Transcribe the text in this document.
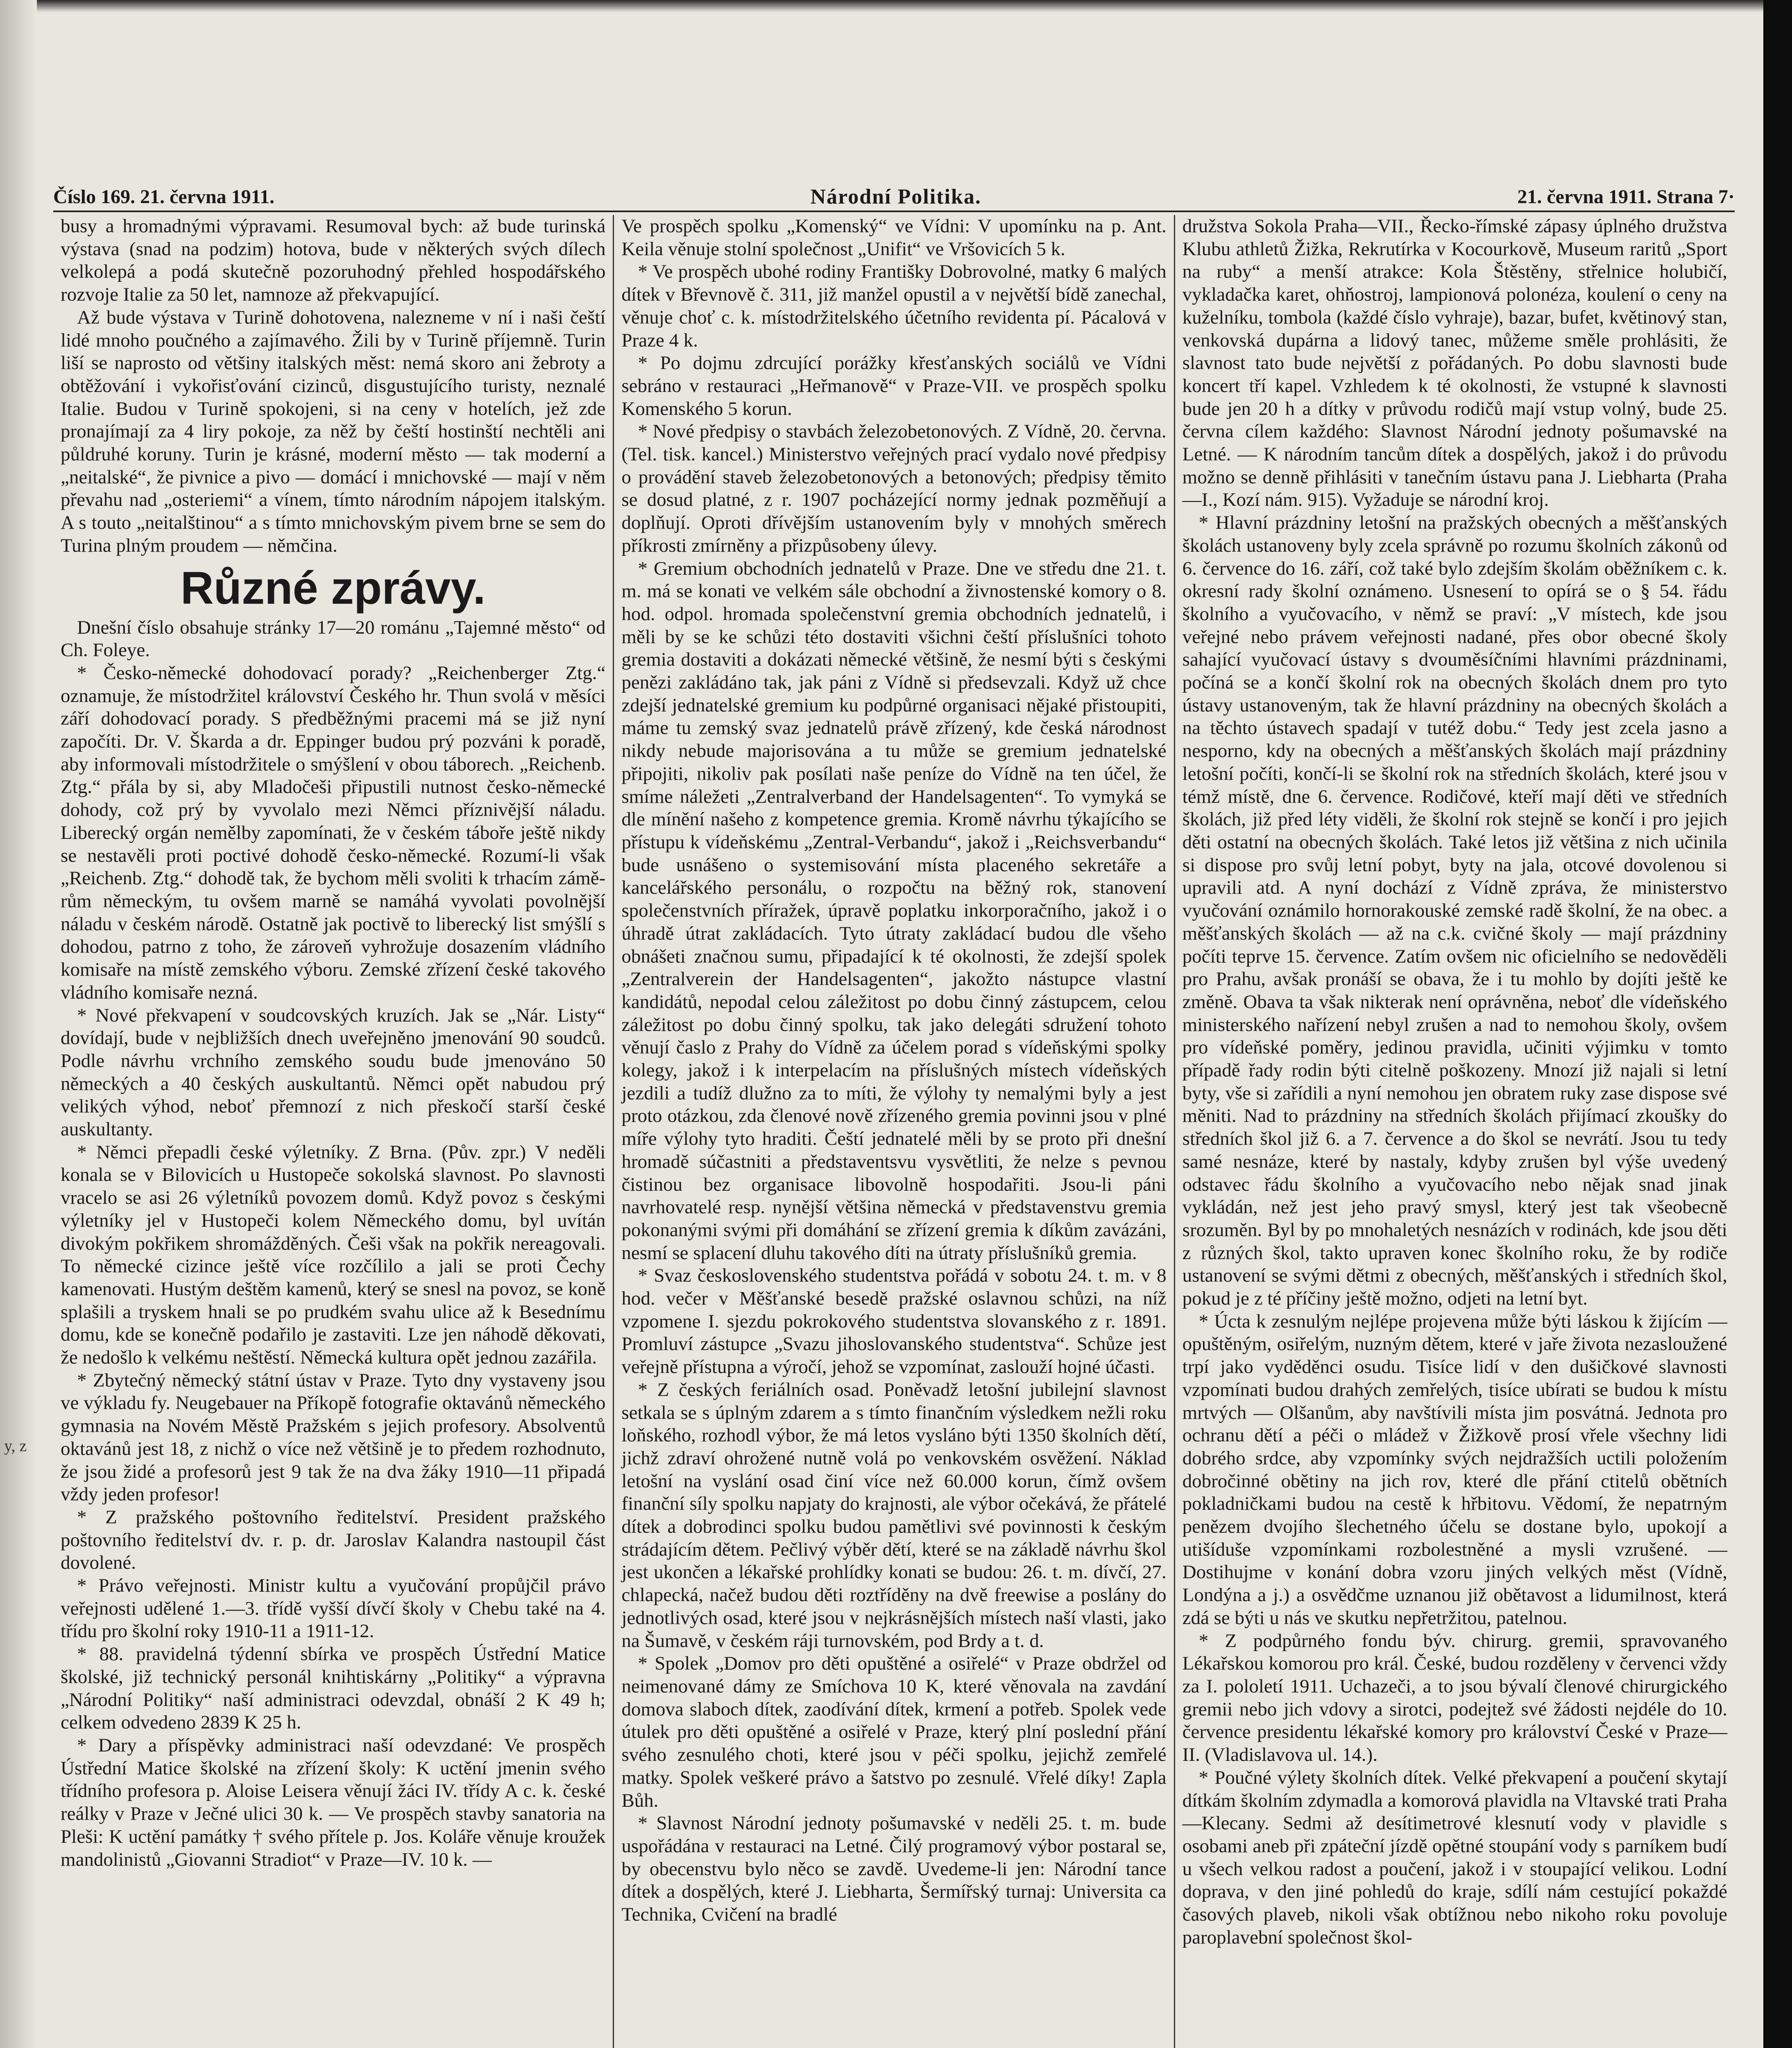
Číslo 169. 21. června 1911.	Národní Politika.	21. června 1911. Strana 7·

busy a hromadnými výpravami. Resumoval bych: až bude turinská výstava (snad na podzim) hotova, bude v některých svých dílech velkolepá a podá skutečně pozoruhodný přehled hospodářského rozvoje Italie za 50 let, namnoze až překvapující.

Až bude výstava v Turině dohotovena, nalezneme v ní i naši čeští lidé mnoho poučného a zajímavého. Žili by v Turině příjemně. Turin liší se naprosto od většiny italských měst: nemá skoro ani žebroty a obtěžování i vykořisťování cizinců, disgustujícího turisty, neznalé Italie. Budou v Turině spokojeni, si na ceny v hotelích, jež zde pronajímají za 4 liry pokoje, za něž by čeští hostinští nechtěli ani půldruhé koruny. Turin je krásné, moderní město — tak moderní a „neitalské“, že pivnice a pivo — domácí i mnichovské — mají v něm převahu nad „osteriemi“ a vínem, tímto národním nápojem italským. A s touto „neitalštinou“ a s tímto mnichovským pivem brne se sem do Turina plným proudem — němčina.

Různé zprávy.

Dnešní číslo obsahuje stránky 17—20 románu „Tajemné město“ od Ch. Foleye.

* Česko-německé dohodovací porady? „Reichenberger Ztg.“ oznamuje, že místodržitel království Českého hr. Thun svolá v měsíci září dohodovací porady. S předběžnými pracemi má se již nyní započíti. Dr. V. Škarda a dr. Eppinger budou prý pozváni k poradě, aby informovali místodržitele o smýšlení v obou táborech. „Reichenb. Ztg.“ přála by si, aby Mladočeši připustili nutnost česko-německé dohody, což prý by vyvolalo mezi Němci příznivější náladu. Liberecký orgán nemělby zapomínati, že v českém táboře ještě nikdy se nestavěli proti poctivé dohodě česko-německé. Rozumí-li však „Reichenb. Ztg.“ dohodě tak, že bychom měli svoliti k trhacím záměrům německým, tu ovšem marně se namáhá vyvolati povolnější náladu v českém národě. Ostatně jak poctivě to liberecký list smýšlí s dohodou, patrno z toho, že zároveň vyhrožuje dosazením vládního komisaře na místě zemského výboru. Zemské zřízení české takového vládního komisaře nezná.

* Nové překvapení v soudcovských kruzích. Jak se „Nár. Listy“ dovídají, bude v nejbližších dnech uveřejněno jmenování 90 soudců. Podle návrhu vrchního zemského soudu bude jmenováno 50 německých a 40 českých auskultantů. Němci opět nabudou prý velikých výhod, neboť přemnozí z nich přeskočí starší české auskultanty.

* Němci přepadli české výletníky. Z Brna. (Pův. zpr.) V neděli konala se v Bilovicích u Hustopeče sokolská slavnost. Po slavnosti vracelo se asi 26 výletníků povozem domů. Když povoz s českými výletníky jel v Hustopeči kolem Německého domu, byl uvítán divokým pokřikem shromážděných. Češi však na pokřik nereagovali. To německé cizince ještě více rozčílilo a jali se proti Čechy kamenovati. Hustým deštěm kamenů, který se snesl na povoz, se koně splašili a tryskem hnali se po prudkém svahu ulice až k Besednímu domu, kde se konečně podařilo je zastaviti. Lze jen náhodě děkovati, že nedošlo k velkému neštěstí. Německá kultura opět jednou zazářila.

* Zbytečný německý státní ústav v Praze. Tyto dny vystaveny jsou ve výkladu fy. Neugebauer na Příkopě fotografie oktavánů německého gymnasia na Novém Městě Pražském s jejich profesory. Absolventů oktavánů jest 18, z nichž o více než většině je to předem rozhodnuto, že jsou židé a profesorů jest 9 tak že na dva žáky 1910—11 připadá vždy jeden profesor!

* Z pražského poštovního ředitelství. President pražského poštovního ředitelství dv. r. p. dr. Jaroslav Kalandra nastoupil část dovolené.

* Právo veřejnosti. Ministr kultu a vyučování propůjčil právo veřejnosti udělené 1.—3. třídě vyšší dívčí školy v Chebu také na 4. třídu pro školní roky 1910-11 a 1911-12.

* 88. pravidelná týdenní sbírka ve prospěch Ústřední Matice školské, již technický personál knihtiskárny „Politiky“ a výpravna „Národní Politiky“ naší administraci odevzdal, obnáší 2 K 49 h; celkem odvedeno 2839 K 25 h.

* Dary a příspěvky administraci naší odevzdané: Ve prospěch Ústřední Matice školské na zřízení školy: K uctění jmenin svého třídního profesora p. Aloise Leisera věnují žáci IV. třídy A c. k. české reálky v Praze v Ječné ulici 30 k. — Ve prospěch stavby sanatoria na Pleši: K uctění památky † svého přítele p. Jos. Koláře věnuje kroužek mandolinistů „Giovanni Stradiot“ v Praze—IV. 10 k. —

Ve prospěch spolku „Komenský“ ve Vídni: V upomínku na p. Ant. Keila věnuje stolní společnost „Unifit“ ve Vršovicích 5 k.

* Ve prospěch ubohé rodiny Františky Dobrovolné, matky 6 malých dítek v Břevnově č. 311, již manžel opustil a v největší bídě zanechal, věnuje choť c. k. místodržitelského účetního revidenta pí. Pácalová v Praze 4 k.

* Po dojmu zdrcující porážky křesťanských sociálů ve Vídni sebráno v restauraci „Heřmanově“ v Praze-VII. ve prospěch spolku Komenského 5 korun.

* Nové předpisy o stavbách železobetonových. Z Vídně, 20. června. (Tel. tisk. kancel.) Ministerstvo veřejných prací vydalo nové předpisy o provádění staveb železobetonových a betonových; předpisy těmito se dosud platné, z r. 1907 pocházející normy jednak pozměňují a doplňují. Oproti dřívějším ustanovením byly v mnohých směrech příkrosti zmírněny a přizpůsobeny úlevy.

* Gremium obchodních jednatelů v Praze. Dne ve středu dne 21. t. m. má se konati ve velkém sále obchodní a živnostenské komory o 8. hod. odpol. hromada společenstvní gremia obchodních jednatelů, i měli by se ke schůzi této dostaviti všichni čeští příslušníci tohoto gremia dostaviti a dokázati německé většině, že nesmí býti s českými penězi zakládáno tak, jak páni z Vídně si předsevzali. Když už chce zdejší jednatelské gremium ku podpůrné organisaci nějaké přistoupiti, máme tu zemský svaz jednatelů právě zřízený, kde česká národnost nikdy nebude majorisována a tu může se gremium jednatelské připojiti, nikoliv pak posílati naše peníze do Vídně na ten účel, že smíme náležeti „Zentralverband der Handelsagenten“. To vymyká se dle mínění našeho z kompetence gremia. Kromě návrhu týkajícího se přístupu k vídeňskému „Zentral-Verbandu“, jakož i „Reichsverbandu“ bude usnášeno o systemisování místa placeného sekretáře a kancelářského personálu, o rozpočtu na běžný rok, stanovení společenstvních příražek, úpravě poplatku inkorporačního, jakož i o úhradě útrat zakládacích. Tyto útraty zakládací budou dle všeho obnášeti značnou sumu, připadající k té okolnosti, že zdejší spolek „Zentralverein der Handelsagenten“, jakožto nástupce vlastní kandidátů, nepodal celou záležitost po dobu činný zástupcem, celou záležitost po dobu činný spolku, tak jako delegáti sdružení tohoto věnují časlo z Prahy do Vídně za účelem porad s vídeňskými spolky kolegy, jakož i k interpelacím na příslušných místech vídeňských jezdili a tudíž dlužno za to míti, že výlohy ty nemalými byly a jest proto otázkou, zda členové nově zřízeného gremia povinni jsou v plné míře výlohy tyto hraditi. Čeští jednatelé měli by se proto při dnešní hromadě súčastniti a představentsvu vysvětliti, že nelze s pevnou čistinou bez organisace libovolně hospodařiti. Jsou-li páni navrhovatelé resp. nynější většina německá v představenstvu gremia pokonanými svými při domáhání se zřízení gremia k díkům zavázáni, nesmí se splacení dluhu takového díti na útraty příslušníků gremia.

* Svaz československého studentstva pořádá v sobotu 24. t. m. v 8 hod. večer v Měšťanské besedě pražské oslavnou schůzi, na níž vzpomene I. sjezdu pokrokového studentstva slovanského z r. 1891. Promluví zástupce „Svazu jihoslovanského studentstva“. Schůze jest veřejně přístupna a výročí, jehož se vzpomínat, zaslouží hojné účasti.

* Z českých feriálních osad. Poněvadž letošní jubilejní slavnost setkala se s úplným zdarem a s tímto finančním výsledkem nežli roku loňského, rozhodl výbor, že má letos vysláno býti 1350 školních dětí, jichž zdraví ohrožené nutně volá po venkovském osvěžení. Náklad letošní na vyslání osad činí více než 60.000 korun, čímž ovšem finanční síly spolku napjaty do krajnosti, ale výbor očekává, že přátelé dítek a dobrodinci spolku budou pamětlivi své povinnosti k českým strádajícím dětem. Pečlivý výběr dětí, které se na základě návrhu škol jest ukončen a lékařské prohlídky konati se budou: 26. t. m. dívčí, 27. chlapecká, načež budou děti roztříděny na dvě freewise a poslány do jednotlivých osad, které jsou v nejkrásnějších místech naší vlasti, jako na Šumavě, v českém ráji turnovském, pod Brdy a t. d.

* Spolek „Domov pro děti opuštěné a osiřelé“ v Praze obdržel od neimenované dámy ze Smíchova 10 K, které věnovala na zavdání domova slaboch dítek, zaodívání dítek, krmení a potřeb. Spolek vede útulek pro děti opuštěné a osiřelé v Praze, který plní poslední přání svého zesnulého choti, které jsou v péči spolku, jejichž zemřelé matky. Spolek veškeré právo a šatstvo po zesnulé. Vřelé díky! Zapla Bůh.

* Slavnost Národní jednoty pošumavské v neděli 25. t. m. bude uspořádána v restauraci na Letné. Čilý programový výbor postaral se, by obecenstvu bylo něco se zavdě. Uvedeme-li jen: Národní tance dítek a dospělých, které J. Liebharta, Šermířský turnaj: Universita ca Technika, Cvičení na bradlé

družstva Sokola Praha—VII., Řecko-římské zápasy úplného družstva Klubu athletů Žižka, Rekrutírka v Kocourkově, Museum raritů „Sport na ruby“ a menší atrakce: Kola Štěstěny, střelnice holubičí, vykladačka karet, ohňostroj, lampionová polonéza, koulení o ceny na kuželníku, tombola (každé číslo vyhraje), bazar, bufet, květinový stan, venkovská dupárna a lidový tanec, můžeme směle prohlásiti, že slavnost tato bude největší z pořádaných. Po dobu slavnosti bude koncert tří kapel. Vzhledem k té okolnosti, že vstupné k slavnosti bude jen 20 h a dítky v průvodu rodičů mají vstup volný, bude 25. června cílem každého: Slavnost Národní jednoty pošumavské na Letné. — K národním tancům dítek a dospělých, jakož i do průvodu možno se denně přihlásiti v tanečním ústavu pana J. Liebharta (Praha—I., Kozí nám. 915). Vyžaduje se národní kroj.

* Hlavní prázdniny letošní na pražských obecných a měšťanských školách ustanoveny byly zcela správně po rozumu školních zákonů od 6. července do 16. září, což také bylo zdejším školám oběžníkem c. k. okresní rady školní oznámeno. Usnesení to opírá se o § 54. řádu školního a vyučovacího, v němž se praví: „V místech, kde jsou veřejné nebo právem veřejnosti nadané, přes obor obecné školy sahající vyučovací ústavy s dvouměsíčními hlavními prázdninami, počíná se a končí školní rok na obecných školách dnem pro tyto ústavy ustanoveným, tak že hlavní prázdniny na obecných školách a na těchto ústavech spadají v tutéž dobu.“ Tedy jest zcela jasno a nesporno, kdy na obecných a měšťanských školách mají prázdniny letošní počíti, končí-li se školní rok na středních školách, které jsou v témž místě, dne 6. července. Rodičové, kteří mají děti ve středních školách, již před léty viděli, že školní rok stejně se končí i pro jejich děti ostatní na obecných školách. Také letos již většina z nich učinila si dispose pro svůj letní pobyt, byty na jala, otcové dovolenou si upravili atd. A nyní dochází z Vídně zpráva, že ministerstvo vyučování oznámilo hornorakouské zemské radě školní, že na obec. a měšťanských školách — až na c.k. cvičné školy — mají prázdniny počíti teprve 15. července. Zatím ovšem nic oficielního se nedověděli pro Prahu, avšak pronáší se obava, že i tu mohlo by dojíti ještě ke změně. Obava ta však nikterak není oprávněna, neboť dle vídeňského ministerského nařízení nebyl zrušen a nad to nemohou školy, ovšem pro vídeňské poměry, jedinou pravidla, učiniti výjimku v tomto případě řady rodin býti citelně poškozeny. Mnozí již najali si letní byty, vše si zařídili a nyní nemohou jen obratem ruky zase dispose své měniti. Nad to prázdniny na středních školách přijímací zkoušky do středních škol již 6. a 7. července a do škol se nevrátí. Jsou tu tedy samé nesnáze, které by nastaly, kdyby zrušen byl výše uvedený odstavec řádu školního a vyučovacího nebo nějak snad jinak vykládán, než jest jeho pravý smysl, který jest tak všeobecně srozuměn. Byl by po mnohaletých nesnázích v rodinách, kde jsou děti z různých škol, takto upraven konec školního roku, že by rodiče ustanovení se svými dětmi z obecných, měšťanských i středních škol, pokud je z té příčiny ještě možno, odjeti na letní byt.

* Úcta k zesnulým nejlépe projevena může býti láskou k žijícím — opuštěným, osiřelým, nuzným dětem, které v jaře života nezasloužené trpí jako vyděděnci osudu. Tisíce lidí v den dušičkové slavnosti vzpomínati budou drahých zemřelých, tisíce ubírati se budou k místu mrtvých — Olšanům, aby navštívili místa jim posvátná. Jednota pro ochranu dětí a péči o mládež v Žižkově prosí vřele všechny lidi dobrého srdce, aby vzpomínky svých nejdražších uctili položením dobročinné obětiny na jich rov, které dle přání ctitelů obětních pokladničkami budou na cestě k hřbitovu. Vědomí, že nepatrným penězem dvojího šlechetného účelu se dostane bylo, upokojí a utišíduše vzpomínkami rozbolestněné a mysli vzrušené. — Dostihujme v konání dobra vzoru jiných velkých měst (Vídně, Londýna a j.) a osvědčme uznanou již obětavost a lidumilnost, která zdá se býti u nás ve skutku nepřetržitou, patelnou.

* Z podpůrného fondu býv. chirurg. gremii, spravovaného Lékařskou komorou pro král. České, budou rozděleny v červenci vždy za I. pololetí 1911. Uchazeči, a to jsou bývalí členové chirurgického gremii nebo jich vdovy a sirotci, podejtež své žádosti nejdéle do 10. července presidentu lékařské komory pro království České v Praze—II. (Vladislavova ul. 14.).

* Poučné výlety školních dítek. Velké překvapení a poučení skytají dítkám školním zdymadla a komorová plavidla na Vltavské trati Praha—Klecany. Sedmi až desítimetrové klesnutí vody v plavidle s osobami aneb při zpáteční jízdě opětné stoupání vody s parníkem budí u všech velkou radost a poučení, jakož i v stoupající velikou. Lodní doprava, v den jiné pohledů do kraje, sdílí nám cestující pokaždé časových plaveb, nikoli však obtížnou nebo nikoho roku povoluje paroplavební společnost škol-

y, z
